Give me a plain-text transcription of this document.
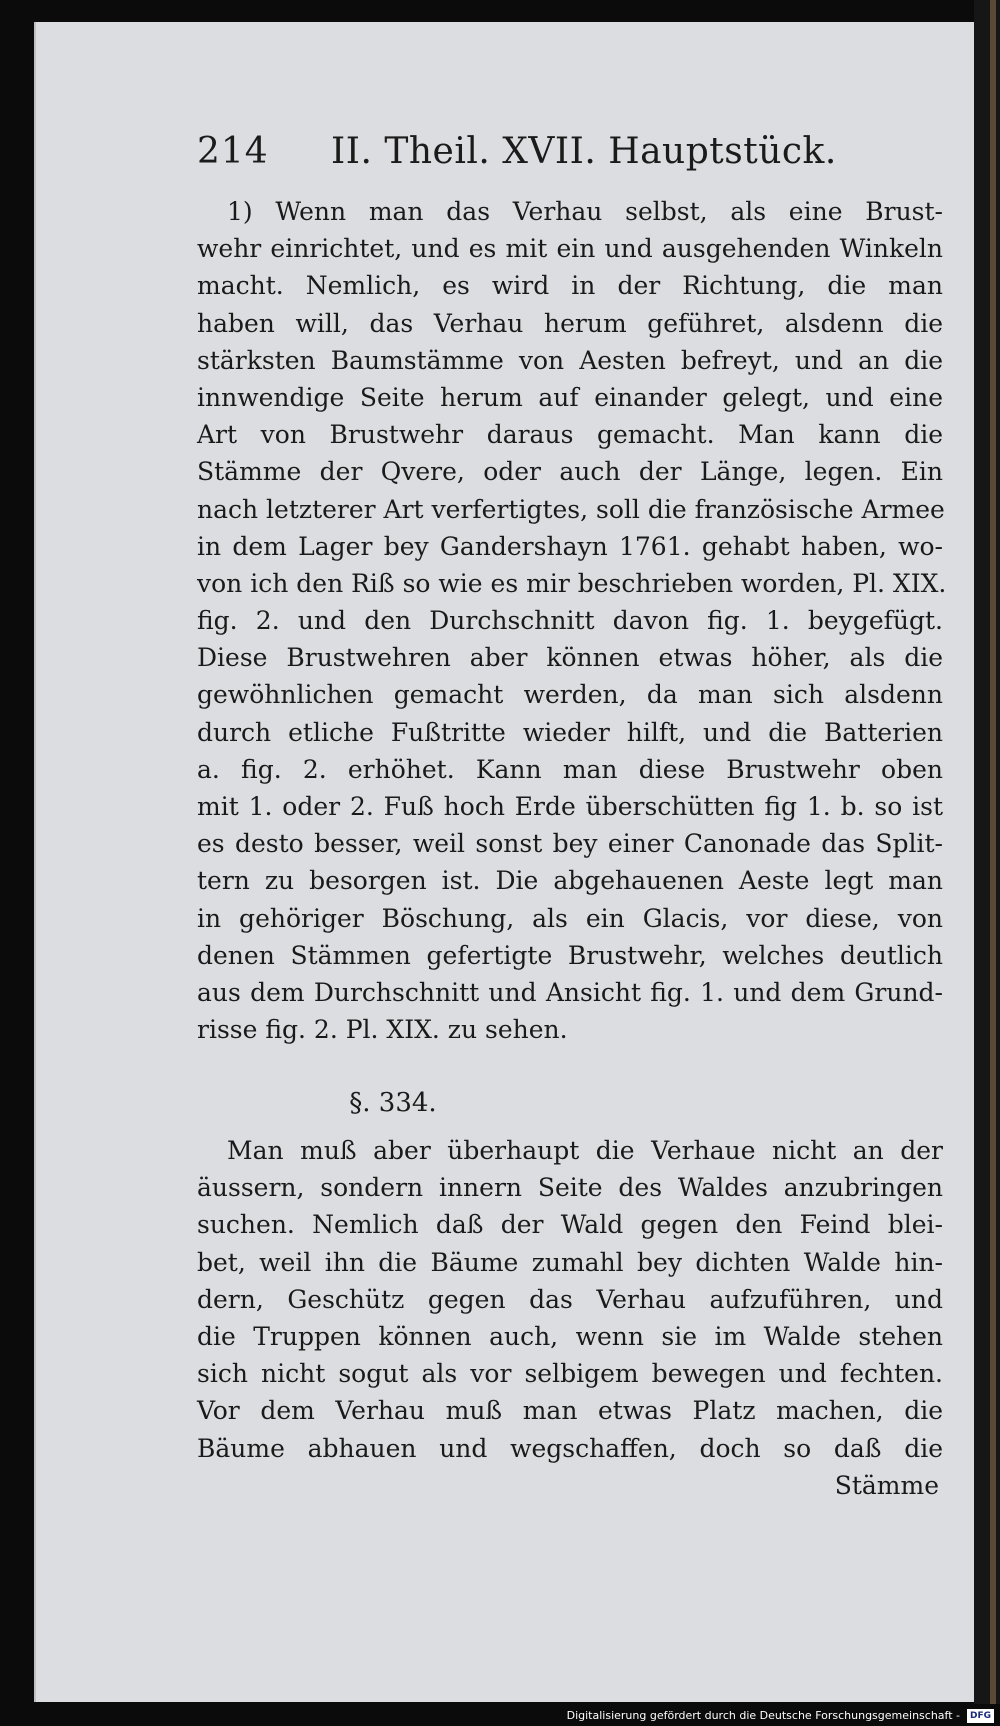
214 II. Theil. XVII. Hauptstück.
1) Wenn man das Verhau selbst, als eine Brust-
wehr einrichtet, und es mit ein und ausgehenden Winkeln
macht. Nemlich, es wird in der Richtung, die man
haben will, das Verhau herum geführet, alsdenn die
stärksten Baumstämme von Aesten befreyt, und an die
innwendige Seite herum auf einander gelegt, und eine
Art von Brustwehr daraus gemacht. Man kann die
Stämme der Qvere, oder auch der Länge, legen. Ein
nach letzterer Art verfertigtes, soll die französische Armee
in dem Lager bey Gandershayn 1761. gehabt haben, wo-
von ich den Riß so wie es mir beschrieben worden, Pl. XIX.
fig. 2. und den Durchschnitt davon fig. 1. beygefügt.
Diese Brustwehren aber können etwas höher, als die
gewöhnlichen gemacht werden, da man sich alsdenn
durch etliche Fußtritte wieder hilft, und die Batterien
a. fig. 2. erhöhet. Kann man diese Brustwehr oben
mit 1. oder 2. Fuß hoch Erde überschütten fig 1. b. so ist
es desto besser, weil sonst bey einer Canonade das Split-
tern zu besorgen ist. Die abgehauenen Aeste legt man
in gehöriger Böschung, als ein Glacis, vor diese, von
denen Stämmen gefertigte Brustwehr, welches deutlich
aus dem Durchschnitt und Ansicht fig. 1. und dem Grund-
risse fig. 2. Pl. XIX. zu sehen.
§. 334.
Man muß aber überhaupt die Verhaue nicht an der
äussern, sondern innern Seite des Waldes anzubringen
suchen. Nemlich daß der Wald gegen den Feind blei-
bet, weil ihn die Bäume zumahl bey dichten Walde hin-
dern, Geschütz gegen das Verhau aufzuführen, und
die Truppen können auch, wenn sie im Walde stehen
sich nicht sogut als vor selbigem bewegen und fechten.
Vor dem Verhau muß man etwas Platz machen, die
Bäume abhauen und wegschaffen, doch so daß die
Stämme
Digitalisierung gefördert durch die Deutsche Forschungsgemeinschaft -	DFG
